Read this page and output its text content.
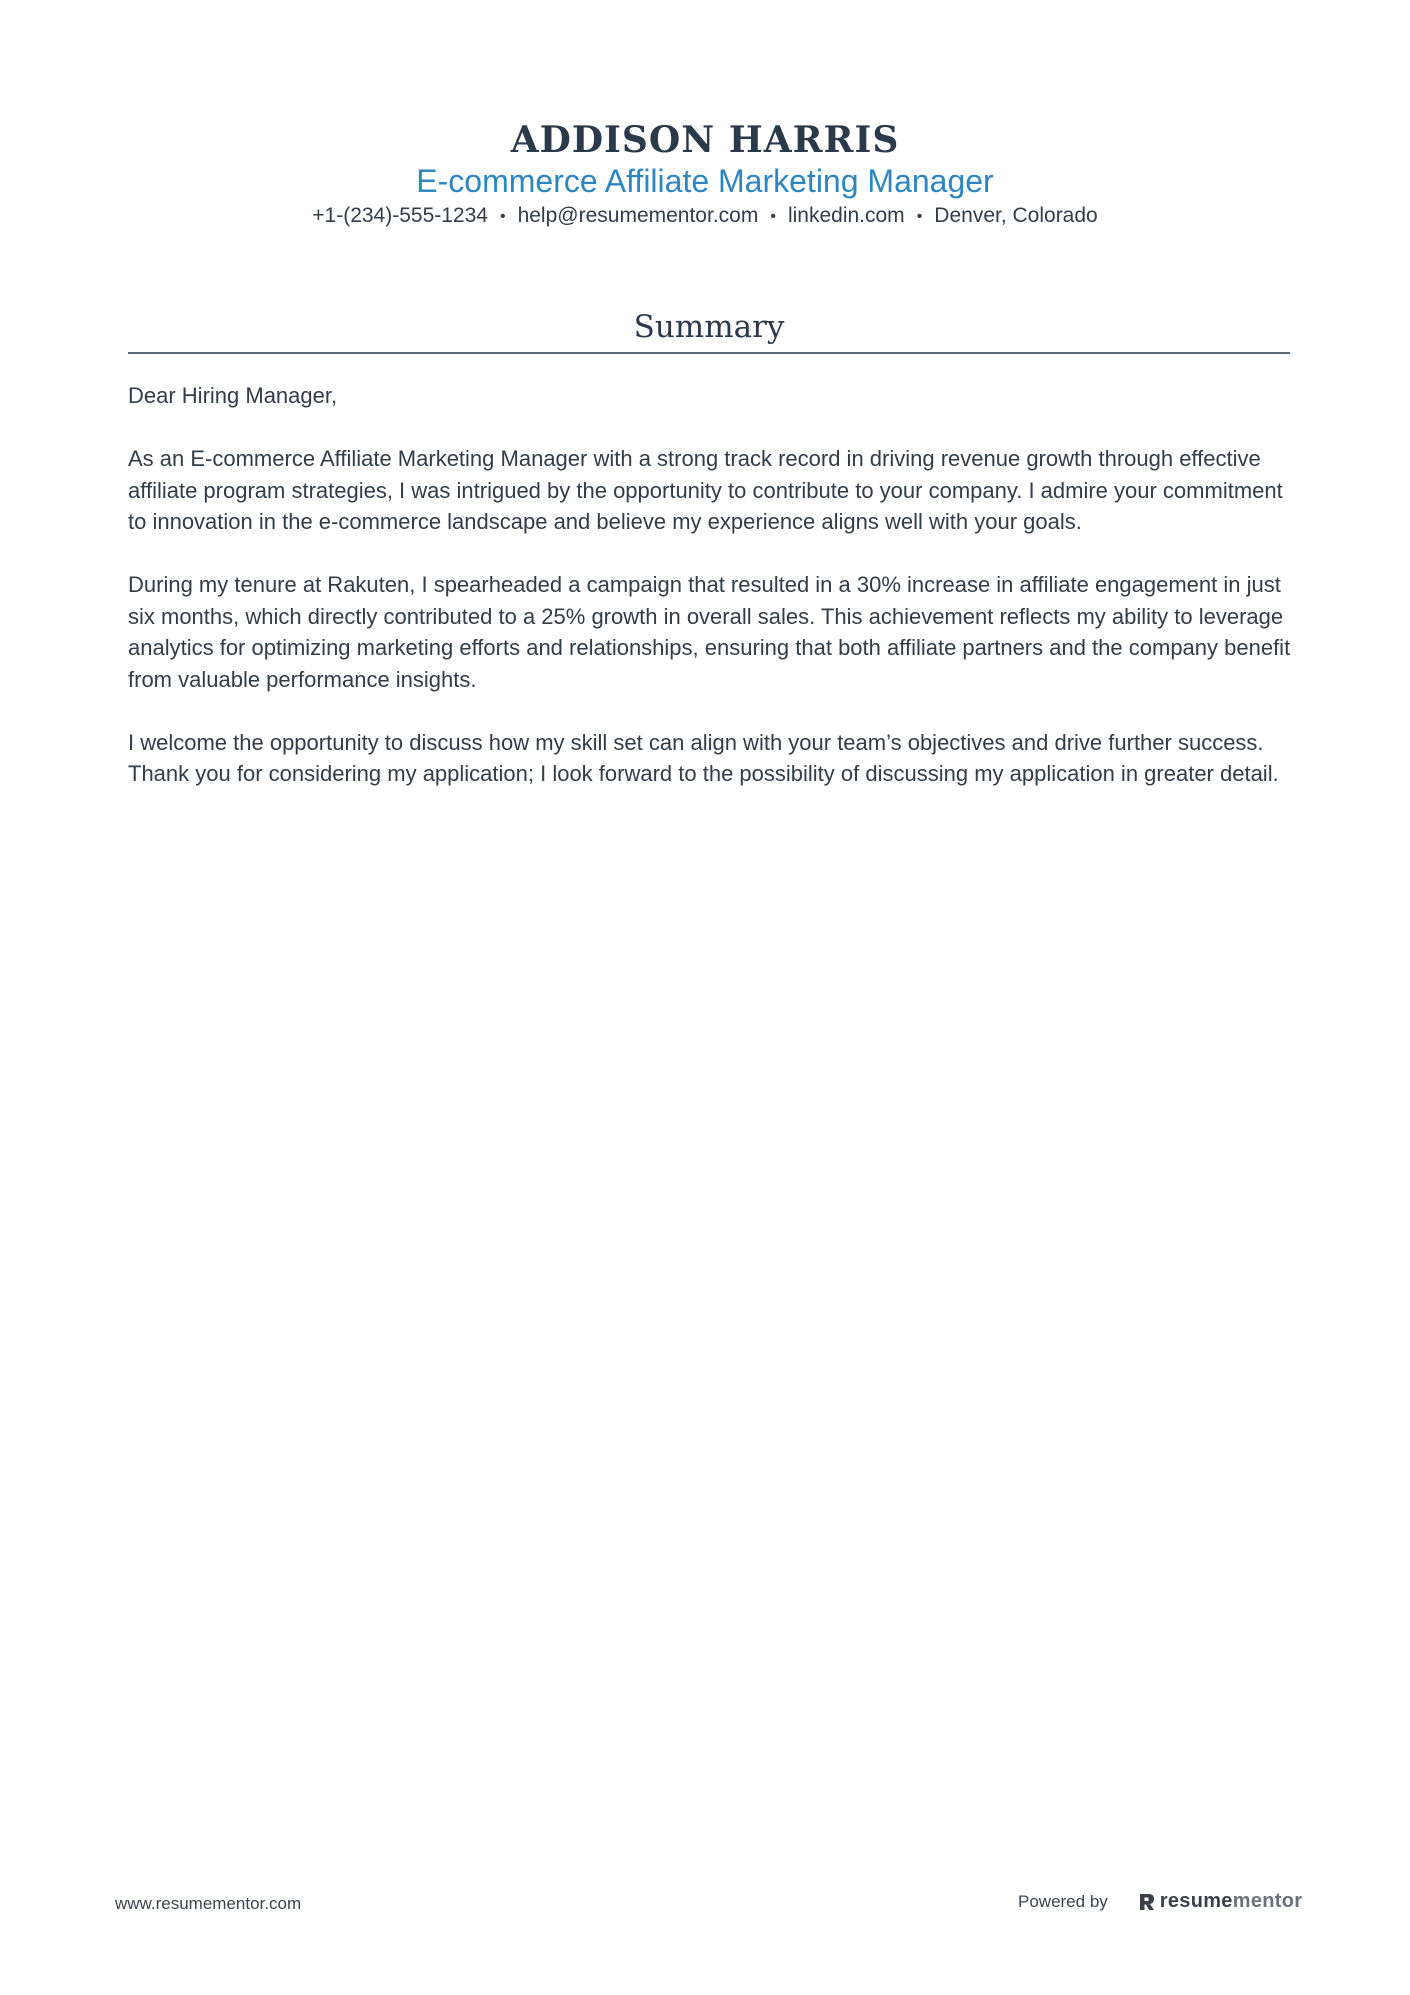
ADDISON HARRIS
E-commerce Affiliate Marketing Manager
+1-(234)-555-1234 • help@resumementor.com • linkedin.com • Denver, Colorado
Summary

Dear Hiring Manager,

As an E-commerce Affiliate Marketing Manager with a strong track record in driving revenue growth through effective affiliate program strategies, I was intrigued by the opportunity to contribute to your company. I admire your commitment to innovation in the e-commerce landscape and believe my experience aligns well with your goals.

During my tenure at Rakuten, I spearheaded a campaign that resulted in a 30% increase in affiliate engagement in just six months, which directly contributed to a 25% growth in overall sales. This achievement reflects my ability to leverage analytics for optimizing marketing efforts and relationships, ensuring that both affiliate partners and the company benefit from valuable performance insights.

I welcome the opportunity to discuss how my skill set can align with your team’s objectives and drive further success. Thank you for considering my application; I look forward to the possibility of discussing my application in greater detail.

www.resumementor.com	Powered by	resume mentor
